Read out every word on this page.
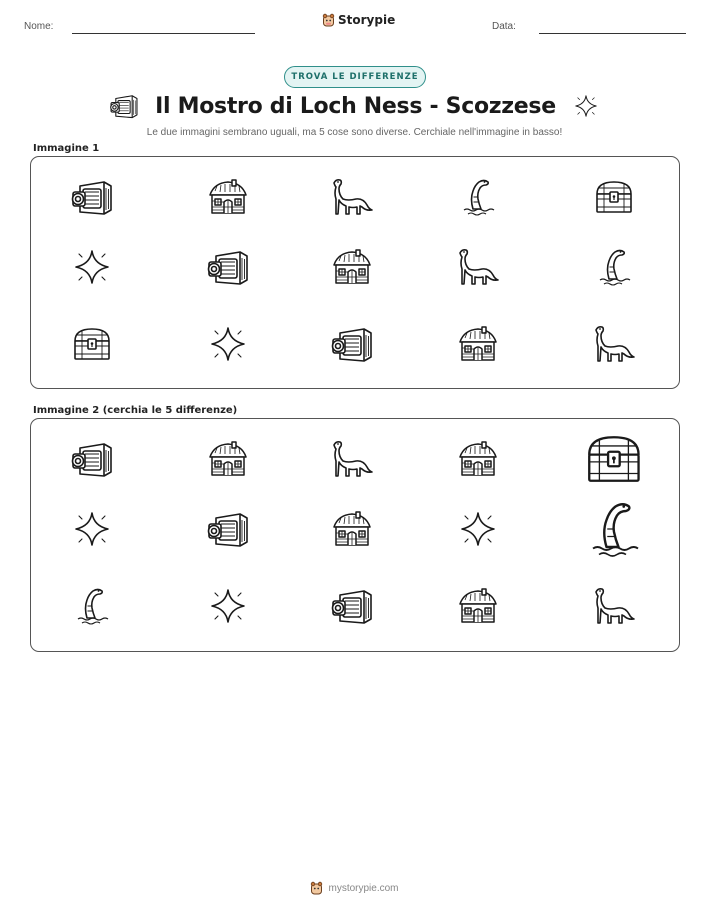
Nome:	Storypie	Data:
TROVA LE DIFFERENZE
Il Mostro di Loch Ness - Scozzese
Le due immagini sembrano uguali, ma 5 cose sono diverse. Cerchiale nell'immagine in basso!
Immagine 1
Immagine 2 (cerchia le 5 differenze)
mystorypie.com
